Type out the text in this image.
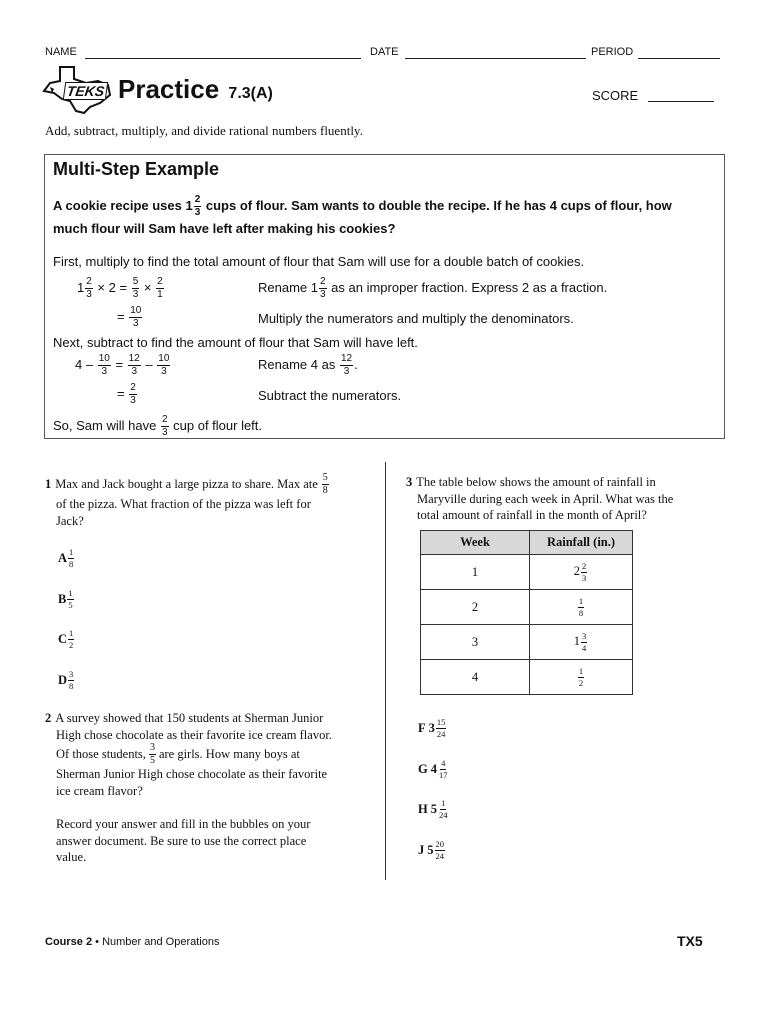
NAME	DATE	PERIOD
TEKS Practice 7.3(A)	SCORE
Add, subtract, multiply, and divide rational numbers fluently.
Multi-Step Example
A cookie recipe uses $1 \frac{2}{3}$ cups of flour. Sam wants to double the recipe. If he has 4 cups of flour, how
much flour will Sam have left after making his cookies?
First, multiply to find the total amount of flour that Sam will use for a double batch of cookies.
$1 \frac{2}{3} \times 2 = \frac{5}{3} \times \frac{2}{1}$	Rename $1 \frac{2}{3}$ as an improper fraction. Express 2 as a fraction.
= $\frac{10}{3}$	Multiply the numerators and multiply the denominators.
Next, subtract to find the amount of flour that Sam will have left.
$4 - \frac{10}{3} = \frac{12}{3} - \frac{10}{3}$	Rename 4 as $\frac{12}{3}$ .
= $\frac{2}{3}$	Subtract the numerators.
So, Sam will have $\frac{2}{3}$ cup of flour left.
1 Max and Jack bought a large pizza to share. Max ate $\frac{5}{8}$
of the pizza. What fraction of the pizza was left for
Jack?
A $\frac{1}{8}$
B $\frac{1}{5}$
C $\frac{1}{2}$
D $\frac{3}{8}$
2 A survey showed that 150 students at Sherman Junior
High chose chocolate as their favorite ice cream flavor.
Of those students, $\frac{3}{5}$ are girls. How many boys at
Sherman Junior High chose chocolate as their favorite
ice cream flavor?
Record your answer and fill in the bubbles on your
answer document. Be sure to use the correct place
value.
3 The table below shows the amount of rainfall in
Maryville during each week in April. What was the
total amount of rainfall in the month of April?
Week	Rainfall (in.)
1	$2 \frac{2}{3}$

2	$\frac{1}{8}$

3	$1 \frac{3}{4}$

4	$\frac{1}{2}$
F $3 \frac{15}{24}$
G $4 \frac{4}{17}$
H $5 \frac{1}{24}$
J $5 \frac{20}{24}$
Course 2 • Number and Operations	TX5
